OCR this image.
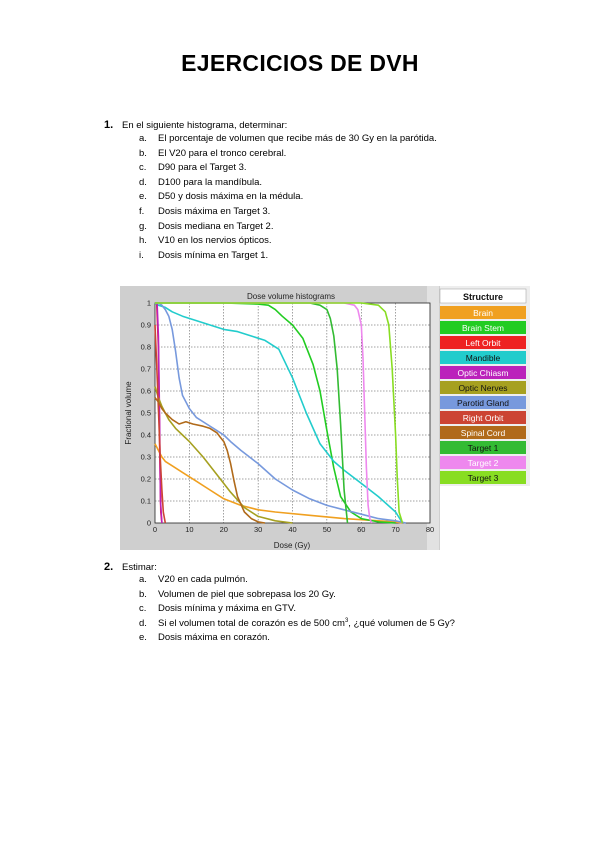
EJERCICIOS DE DVH
1. En el siguiente histograma, determinar:
a. El porcentaje de volumen que recibe más de 30 Gy en la parótida.
b. El V20 para el tronco cerebral.
c. D90 para el Target 3.
d. D100 para la mandíbula.
e. D50 y dosis máxima en la médula.
f. Dosis máxima en Target 3.
g. Dosis mediana en Target 2.
h. V10 en los nervios ópticos.
i. Dosis mínima en Target 1.
Dose volume histograms
0	10	20	30	40	50	60	70	80
0
0.1
0.2
0.3
0.4
0.5
0.6
0.7
0.8
0.9
1
Dose (Gy)
Fractional volume
Structure
Brain
Brain Stem
Left Orbit
Mandible
Optic Chiasm
Optic Nerves
Parotid Gland
Right Orbit
Spinal Cord
Target 1
Target 2
Target 3
2. Estimar:
a. V20 en cada pulmón.
b. Volumen de piel que sobrepasa los 20 Gy.
c. Dosis mínima y máxima en GTV.
d. Si el volumen total de corazón es de 500 $cm^3$, ¿qué volumen de 5 Gy?
e. Dosis máxima en corazón.
